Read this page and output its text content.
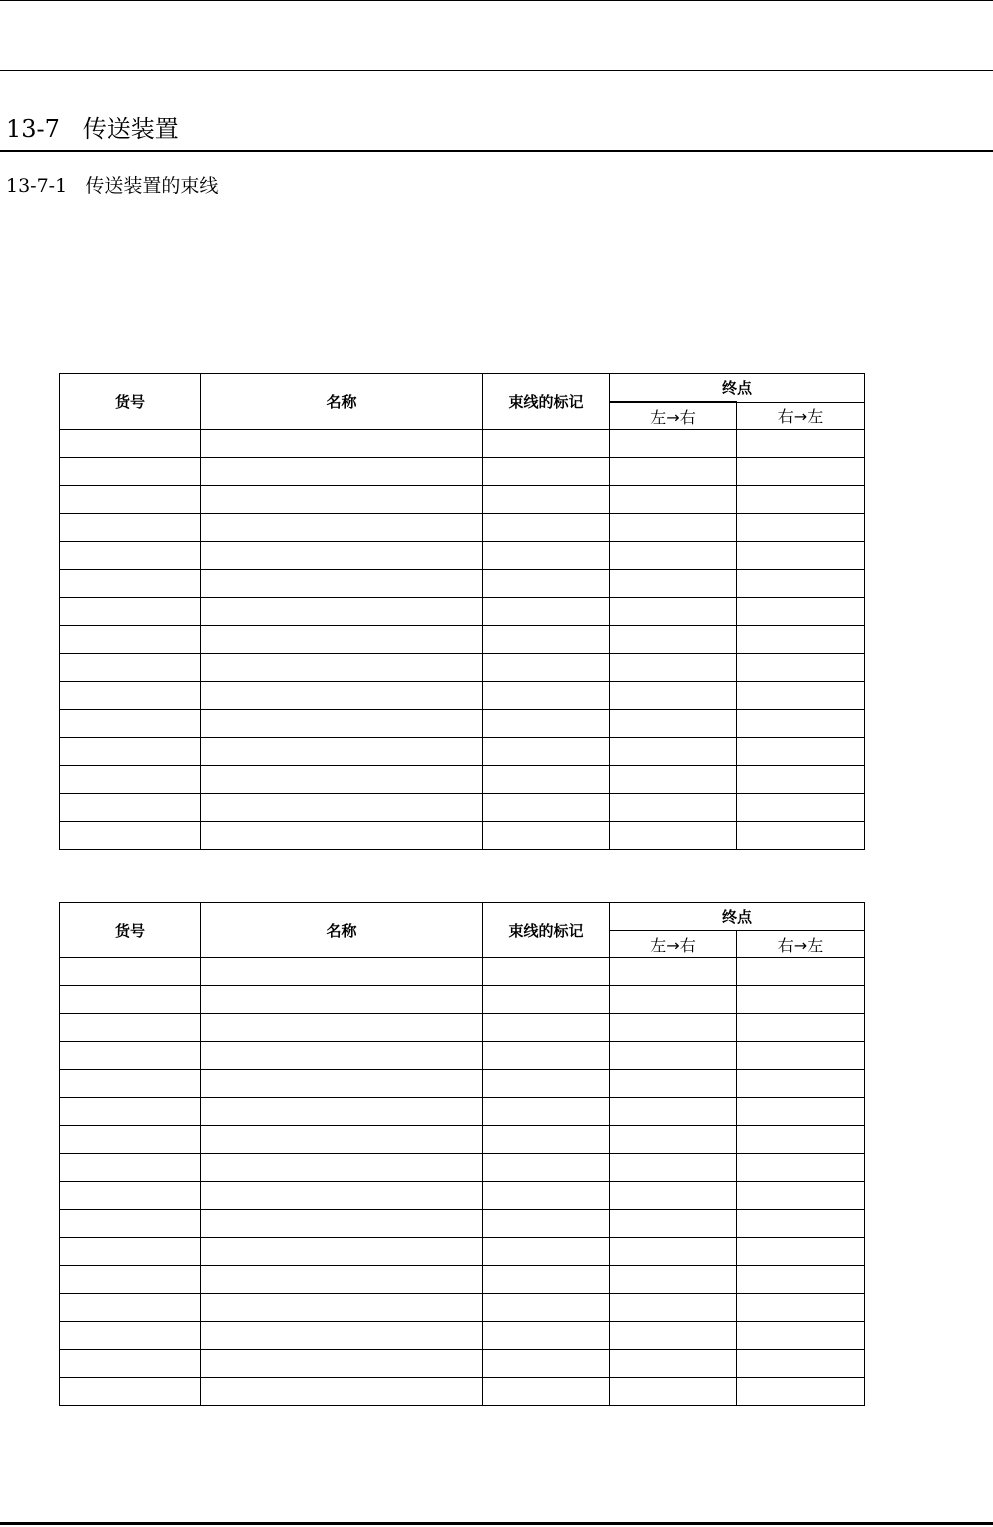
13-7 传送装置
13-7-1 传送装置的束线
货号	名称	束线的标记	终点	
			左→右	右→左

货号	名称	束线的标记	终点	
			左→右	右→左
